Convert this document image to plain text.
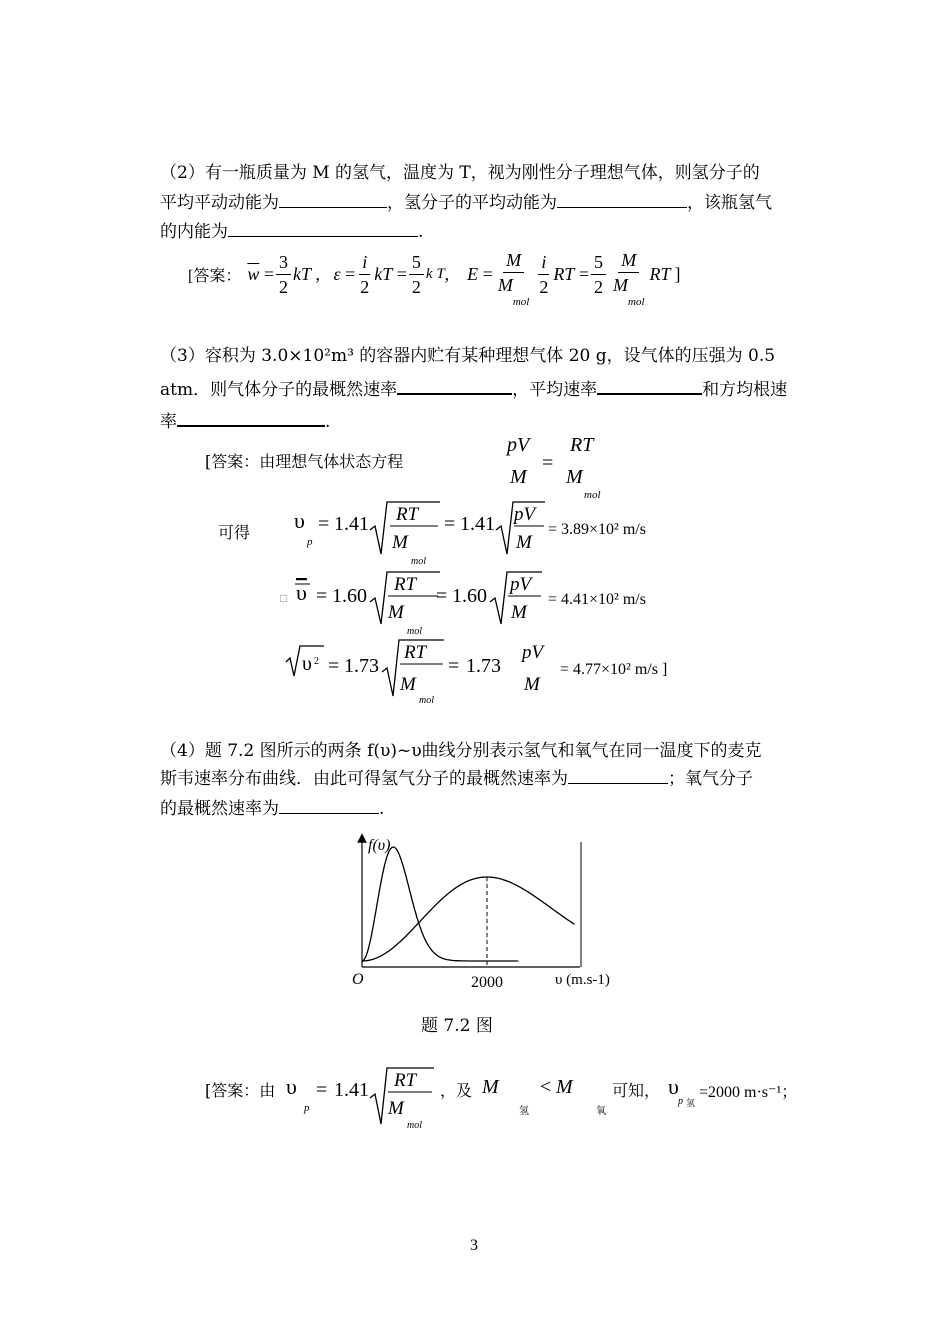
（2）有一瓶质量为 M 的氢气，温度为 T，视为刚性分子理想气体，则氢分子的
平均平动动能为	，氢分子的平均动能为	，该瓶氢气
的内能为	.
[答案： $\overline{w} = \frac{3}{2}$ kT , $\varepsilon = \frac{i}{2}$ kT = $\frac{5}{2}$ k T , $E = \frac{M}{M_{mol}} \frac{i}{2}$ RT = $\frac{5}{2} \frac{M}{M_{mol}}$ RT ]
（3）容积为 3.0×10²m³ 的容器内贮有某种理想气体 20 g，设气体的压强为 0.5
atm．则气体分子的最概然速率	，平均速率	和方均根速
率	.
[答案：由理想气体状态方程
pV
M
=
RT
M
mol
可得 υ
p
= 1.41 RT
M
mol
= 1.41 pV
M
= 3.89×10² m/s
□ υ = 1.60
RT
M
mol
= 1.60
pV
M
= 4.41×10² m/s
υ 2 = 1.73
RT
M
mol
= 1.73
pV
M
= 4.77×10² m/s ]
（4）题 7.2 图所示的两条 f(υ)~υ曲线分别表示氢气和氧气在同一温度下的麦克
斯韦速率分布曲线．由此可得氢气分子的最概然速率为	；氧气分子
的最概然速率为	.
f(υ)
O	2000	υ (m.s-1)
题 7.2 图
[答案：由 υ
p
= 1.41 RT
M
mol
，及 M
氢
< M
氧
可知， υ
p 氢
=2000 m·s⁻¹；
3
